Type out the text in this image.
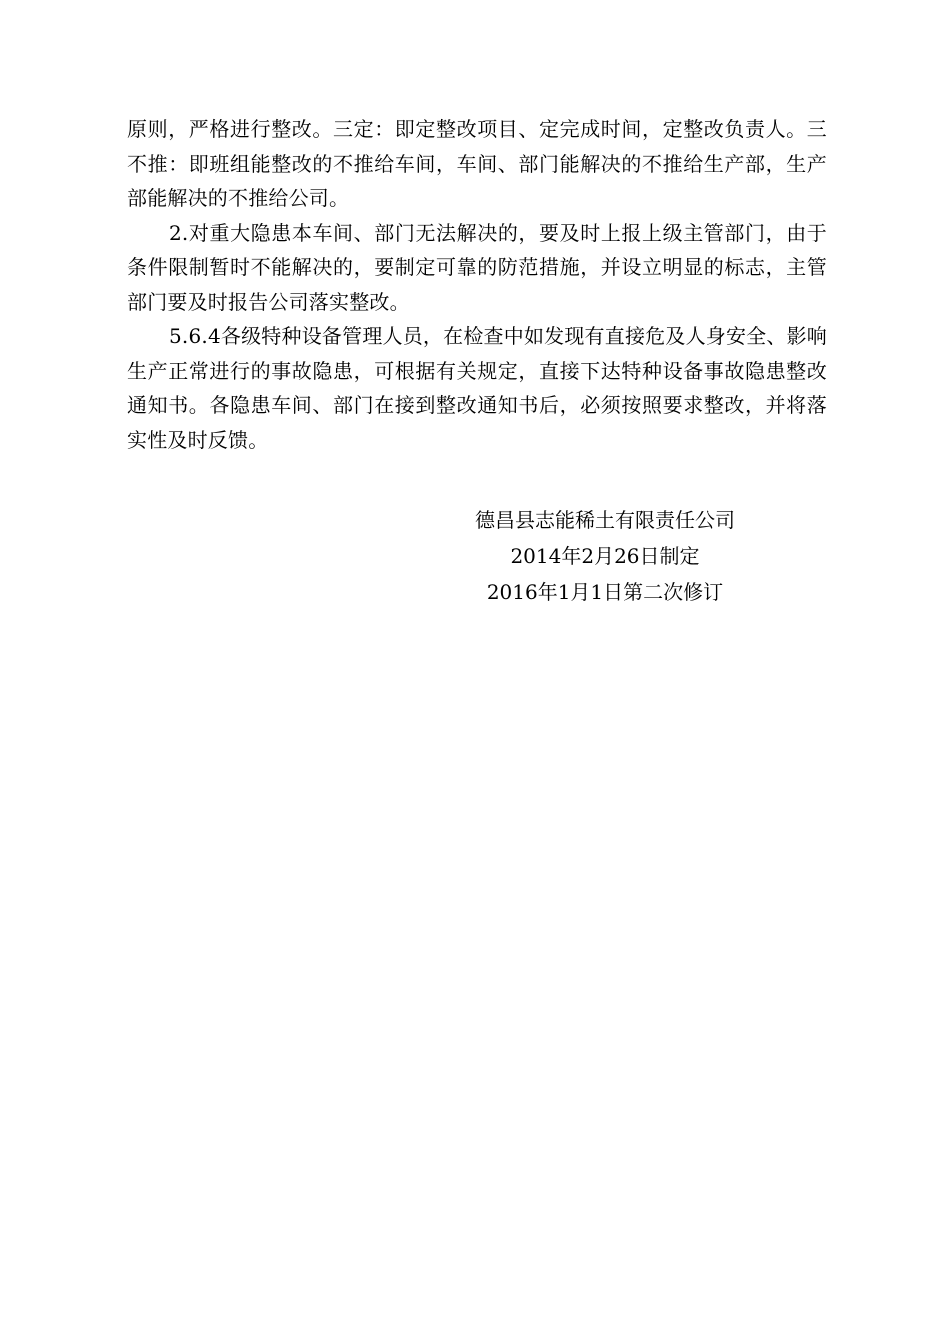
原则，严格进行整改。三定：即定整改项目、定完成时间，定整改负责人。三不推：即班组能整改的不推给车间，车间、部门能解决的不推给生产部，生产部能解决的不推给公司。

2.对重大隐患本车间、部门无法解决的，要及时上报上级主管部门，由于条件限制暂时不能解决的，要制定可靠的防范措施，并设立明显的标志，主管部门要及时报告公司落实整改。

5.6.4各级特种设备管理人员，在检查中如发现有直接危及人身安全、影响生产正常进行的事故隐患，可根据有关规定，直接下达特种设备事故隐患整改通知书。各隐患车间、部门在接到整改通知书后，必须按照要求整改，并将落实性及时反馈。

德昌县志能稀土有限责任公司

2014年2月26日制定

2016年1月1日第二次修订
